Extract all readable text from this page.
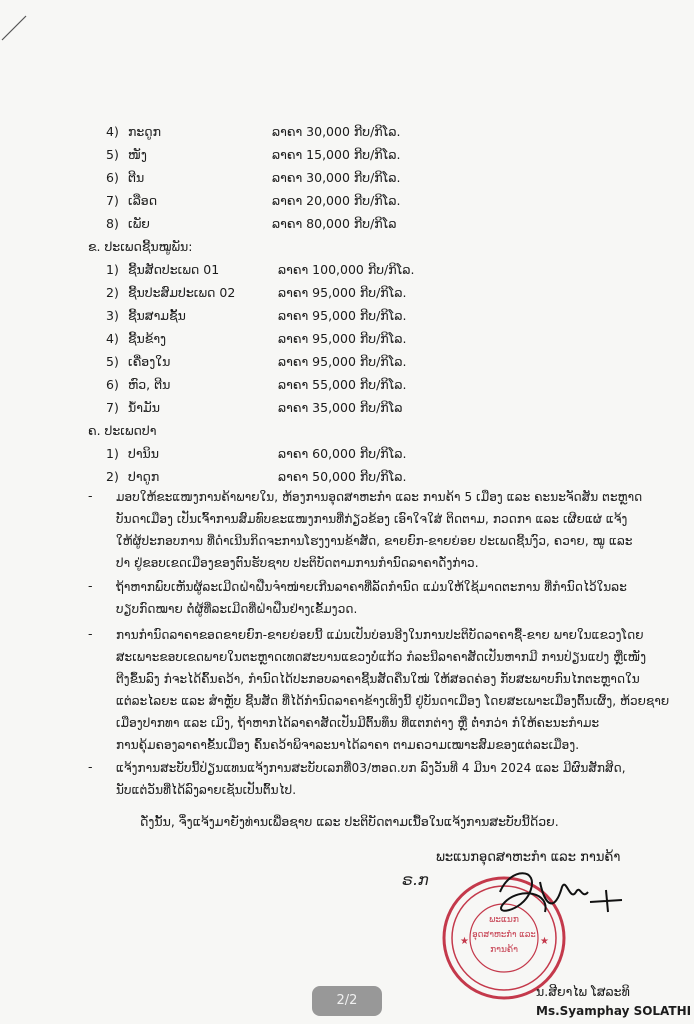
4) ກະດູກ	ລາຄາ 30,000 ກີບ/ກິໂລ.
5) ໜັງ	ລາຄາ 15,000 ກີບ/ກິໂລ.
6) ຕີນ	ລາຄາ 30,000 ກີບ/ກິໂລ.
7) ເລືອດ	ລາຄາ 20,000 ກີບ/ກິໂລ.
8) ເພັຍ	ລາຄາ 80,000 ກີບ/ກິໂລ
ຂ. ປະເພດຊີ້ນໝູພັນ:
1) ຊີ້ນສັດປະເພດ 01	ລາຄາ 100,000 ກີບ/ກິໂລ.
2) ຊີ້ນປະສົມປະເພດ 02	ລາຄາ 95,000 ກີບ/ກິໂລ.
3) ຊີ້ນສາມຊັ້ນ	ລາຄາ 95,000 ກີບ/ກິໂລ.
4) ຊີ້ນຂ້າງ	ລາຄາ 95,000 ກີບ/ກິໂລ.
5) ເຄື່ອງໃນ	ລາຄາ 95,000 ກີບ/ກິໂລ.
6) ຫົວ, ຕີນ	ລາຄາ 55,000 ກີບ/ກິໂລ.
7) ນ້ຳມັນ	ລາຄາ 35,000 ກີບ/ກິໂລ
ຄ. ປະເພດປາ
1) ປານິນ	ລາຄາ 60,000 ກີບ/ກິໂລ.
2) ປາດູກ	ລາຄາ 50,000 ກີບ/ກິໂລ.
- ມອບໃຫ້ຂະແໜງການຄ້າພາຍໃນ, ຫ້ອງການອຸດສາຫະກຳ ແລະ ການຄ້າ 5 ເມືອງ ແລະ ຄະນະຈັດສັນ ຕະຫຼາດ
ບັນດາເມືອງ ເປັນເຈົ້າການສົມທົບຂະແໜງການທີ່ກ່ຽວຂ້ອງ ເອົາໃຈໃສ່ ຕິດຕາມ, ກວດກາ ແລະ ເຜີຍແຜ່ ແຈ້ງ
ໃຫ້ຜູ້ປະກອບການ ທີ່ດຳເນີນກິດຈະການໂຮງງານຂ້າສັດ, ຂາຍຍົກ-ຂາຍຍ່ອຍ ປະເພດຊີ້ນງົວ, ຄວາຍ, ໝູ ແລະ
ປາ ຢູ່ຂອບເຂດເມືອງຂອງຕົນຮັບຊາບ ປະຕິບັດຕາມການກຳນົດລາຄາດັ່ງກ່າວ.
- ຖ້າຫາກພົບເຫັນຜູ້ລະເມີດຝ່າຝືນຈຳໜ່າຍເກີນລາຄາທີ່ລັດກຳນົດ ແມ່ນໃຫ້ໃຊ້ມາດຕະການ ທີ່ກຳນົດໄວ້ໃນລະ
ບຽບກົດໝາຍ ຕໍ່ຜູ້ທີ່ລະເມີດທີ່ຝ່າຝືນຢ່າງເຂັ້ມງວດ.
- ການກຳນົດລາຄາຂອດຂາຍຍົກ-ຂາຍຍ່ອຍນີ້ ແມ່ນເປັນບ່ອນອີງໃນການປະຕິບັດລາຄາຊື້-ຂາຍ ພາຍໃນແຂວງໂດຍ
ສະເພາະຂອບເຂດພາຍໃນຕະຫຼາດເທດສະບານແຂວງບໍ່ແກ້ວ ກໍລະນີລາຄາສັດເປັນຫາກມີ ການປ່ຽນແປງ ຫຼືເໜັງ
ຕີງຂຶ້ນລົງ ກໍຈະໄດ້ຄົ້ນຄວ້າ, ກຳນົດໄດ້ປະກອບລາຄາຊີ້ນສັດຄືນໃໝ່ ໃຫ້ສອດຄ່ອງ ກັບສະພາບກົນໄກຕະຫຼາດໃນ
ແຕ່ລະໄລຍະ ແລະ ສຳຫຼັບ ຊີ້ນສັດ ທີ່ໄດ້ກຳນົດລາຄາຂ້າງເທິງນີ້ ຢູ່ບັນດາເມືອງ ໂດຍສະເພາະເມືອງຕົ້ນເຜິ້ງ, ຫ້ວຍຊາຍ
ເມືອງປາກທາ ແລະ ເມິງ, ຖ້າຫາກໄດ້ລາຄາສັດເປັນມີຕົ້ນທຶນ ທີ່ແຕກຕ່າງ ຫຼື ຕ່ຳກວ່າ ກໍໃຫ້ຄະນະກຳມະ
ການຄຸ້ມຄອງລາຄາຂັ້ນເມືອງ ຄົ້ນຄວ້າພິຈາລະນາໄດ້ລາຄາ ຕາມຄວາມເໝາະສົມຂອງແຕ່ລະເມືອງ.
- ແຈ້ງການສະບັບນີ້ປ່ຽນແທນແຈ້ງການສະບັບເລກທີ່03/ຫອດ.ບກ ລົງວັນທີ 4 ມີນາ 2024 ແລະ ມີຜົນສັກສິດ,
ນັບແຕ່ວັນທີ່ໄດ້ລົງລາຍເຊັນເປັນຕົ້ນໄປ.
ດັ່ງນັ້ນ, ຈຶ່ງແຈ້ງມາຍັງທ່ານເພື່ອຊາບ ແລະ ປະຕິບັດຕາມເນື້ອໃນແຈ້ງການສະບັບນີ້ດ້ວຍ.
ພະແນກອຸດສາຫະກຳ ແລະ ການຄ້າ
ຣ.ກ
ພະແນກ
ອຸດສາຫະກຳ ແລະ
ການຄ້າ
★	★
ນ.ສີຍາໄພ ໂສລະທິ
Ms.Syamphay SOLATHI
2/2
